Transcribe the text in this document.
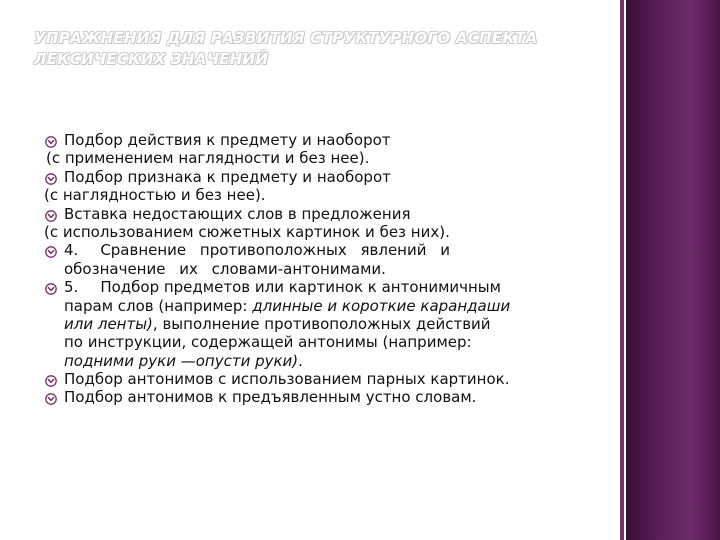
УПРАЖНЕНИЯ ДЛЯ РАЗВИТИЯ СТРУКТУРНОГО АСПЕКТА
ЛЕКСИЧЕСКИХ ЗНАЧЕНИЙ
Подбор действия к предмету и наоборот
(с применением наглядности и без нее).
Подбор признака к предмету и наоборот
(с наглядностью и без нее).
Вставка недостающих слов в предложения
(с использованием сюжетных картинок и без них).
4. Сравнение противоположных явлений и
обозначение их словами-антонимами.
5. Подбор предметов или картинок к антонимичным
парам слов (например: длинные и короткие карандаши
или ленты), выполнение противоположных действий
по инструкции, содержащей антонимы (например:
подними руки —опусти руки).
Подбор антонимов с использованием парных картинок.
Подбор антонимов к предъявленным устно словам.
